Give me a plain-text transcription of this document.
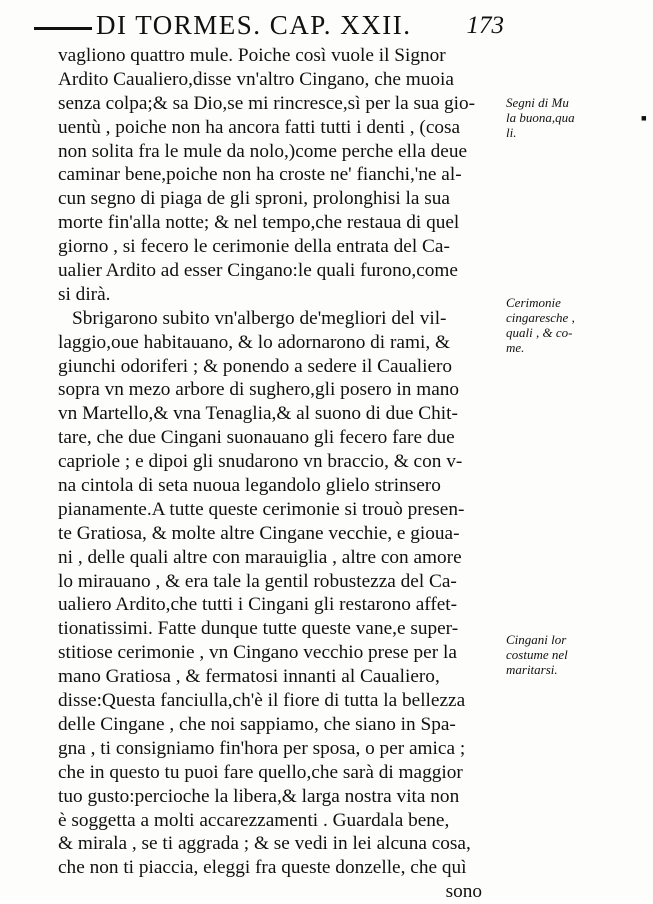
DI TORMES. CAP. XXII. 173
vagliono quattro mule. Poiche così vuole il Signor
Ardito Caualiero,disse vn'altro Cingano, che muoia
senza colpa;& sa Dio,se mi rincresce,sì per la sua gio-
uentù , poiche non ha ancora fatti tutti i denti , (cosa
non solita fra le mule da nolo,)come perche ella deue
caminar bene,poiche non ha croste ne' fianchi,'ne al-
cun segno di piaga de gli sproni, prolonghisi la sua
morte fin'alla notte; & nel tempo,che restaua di quel
giorno , si fecero le cerimonie della entrata del Ca-
ualier Ardito ad esser Cingano:le quali furono,come
si dirà.
Sbrigarono subito vn'albergo de'megliori del vil-
laggio,oue habitauano, & lo adornarono di rami, &
giunchi odoriferi ; & ponendo a sedere il Caualiero
sopra vn mezo arbore di sughero,gli posero in mano
vn Martello,& vna Tenaglia,& al suono di due Chit-
tare, che due Cingani suonauano gli fecero fare due
capriole ; e dipoi gli snudarono vn braccio, & con v-
na cintola di seta nuoua legandolo glielo strinsero
pianamente.A tutte queste cerimonie si trouò presen-
te Gratiosa, & molte altre Cingane vecchie, e gioua-
ni , delle quali altre con marauiglia , altre con amore
lo mirauano , & era tale la gentil robustezza del Ca-
ualiero Ardito,che tutti i Cingani gli restarono affet-
tionatissimi. Fatte dunque tutte queste vane,e super-
stitiose cerimonie , vn Cingano vecchio prese per la
mano Gratiosa , & fermatosi innanti al Caualiero,
disse:Questa fanciulla,ch'è il fiore di tutta la bellezza
delle Cingane , che noi sappiamo, che siano in Spa-
gna , ti consigniamo fin'hora per sposa, o per amica ;
che in questo tu puoi fare quello,che sarà di maggior
tuo gusto:percioche la libera,& larga nostra vita non
è soggetta a molti accarezzamenti . Guardala bene,
& mirala , se ti aggrada ; & se vedi in lei alcuna cosa,
che non ti piaccia, eleggi fra queste donzelle, che quì
sono
Segni di Mu
la buona,qua
li.
Cerimonie
cingaresche ,
quali , & co-
me.
Cingani lor
costume nel
maritarsi.
▪
